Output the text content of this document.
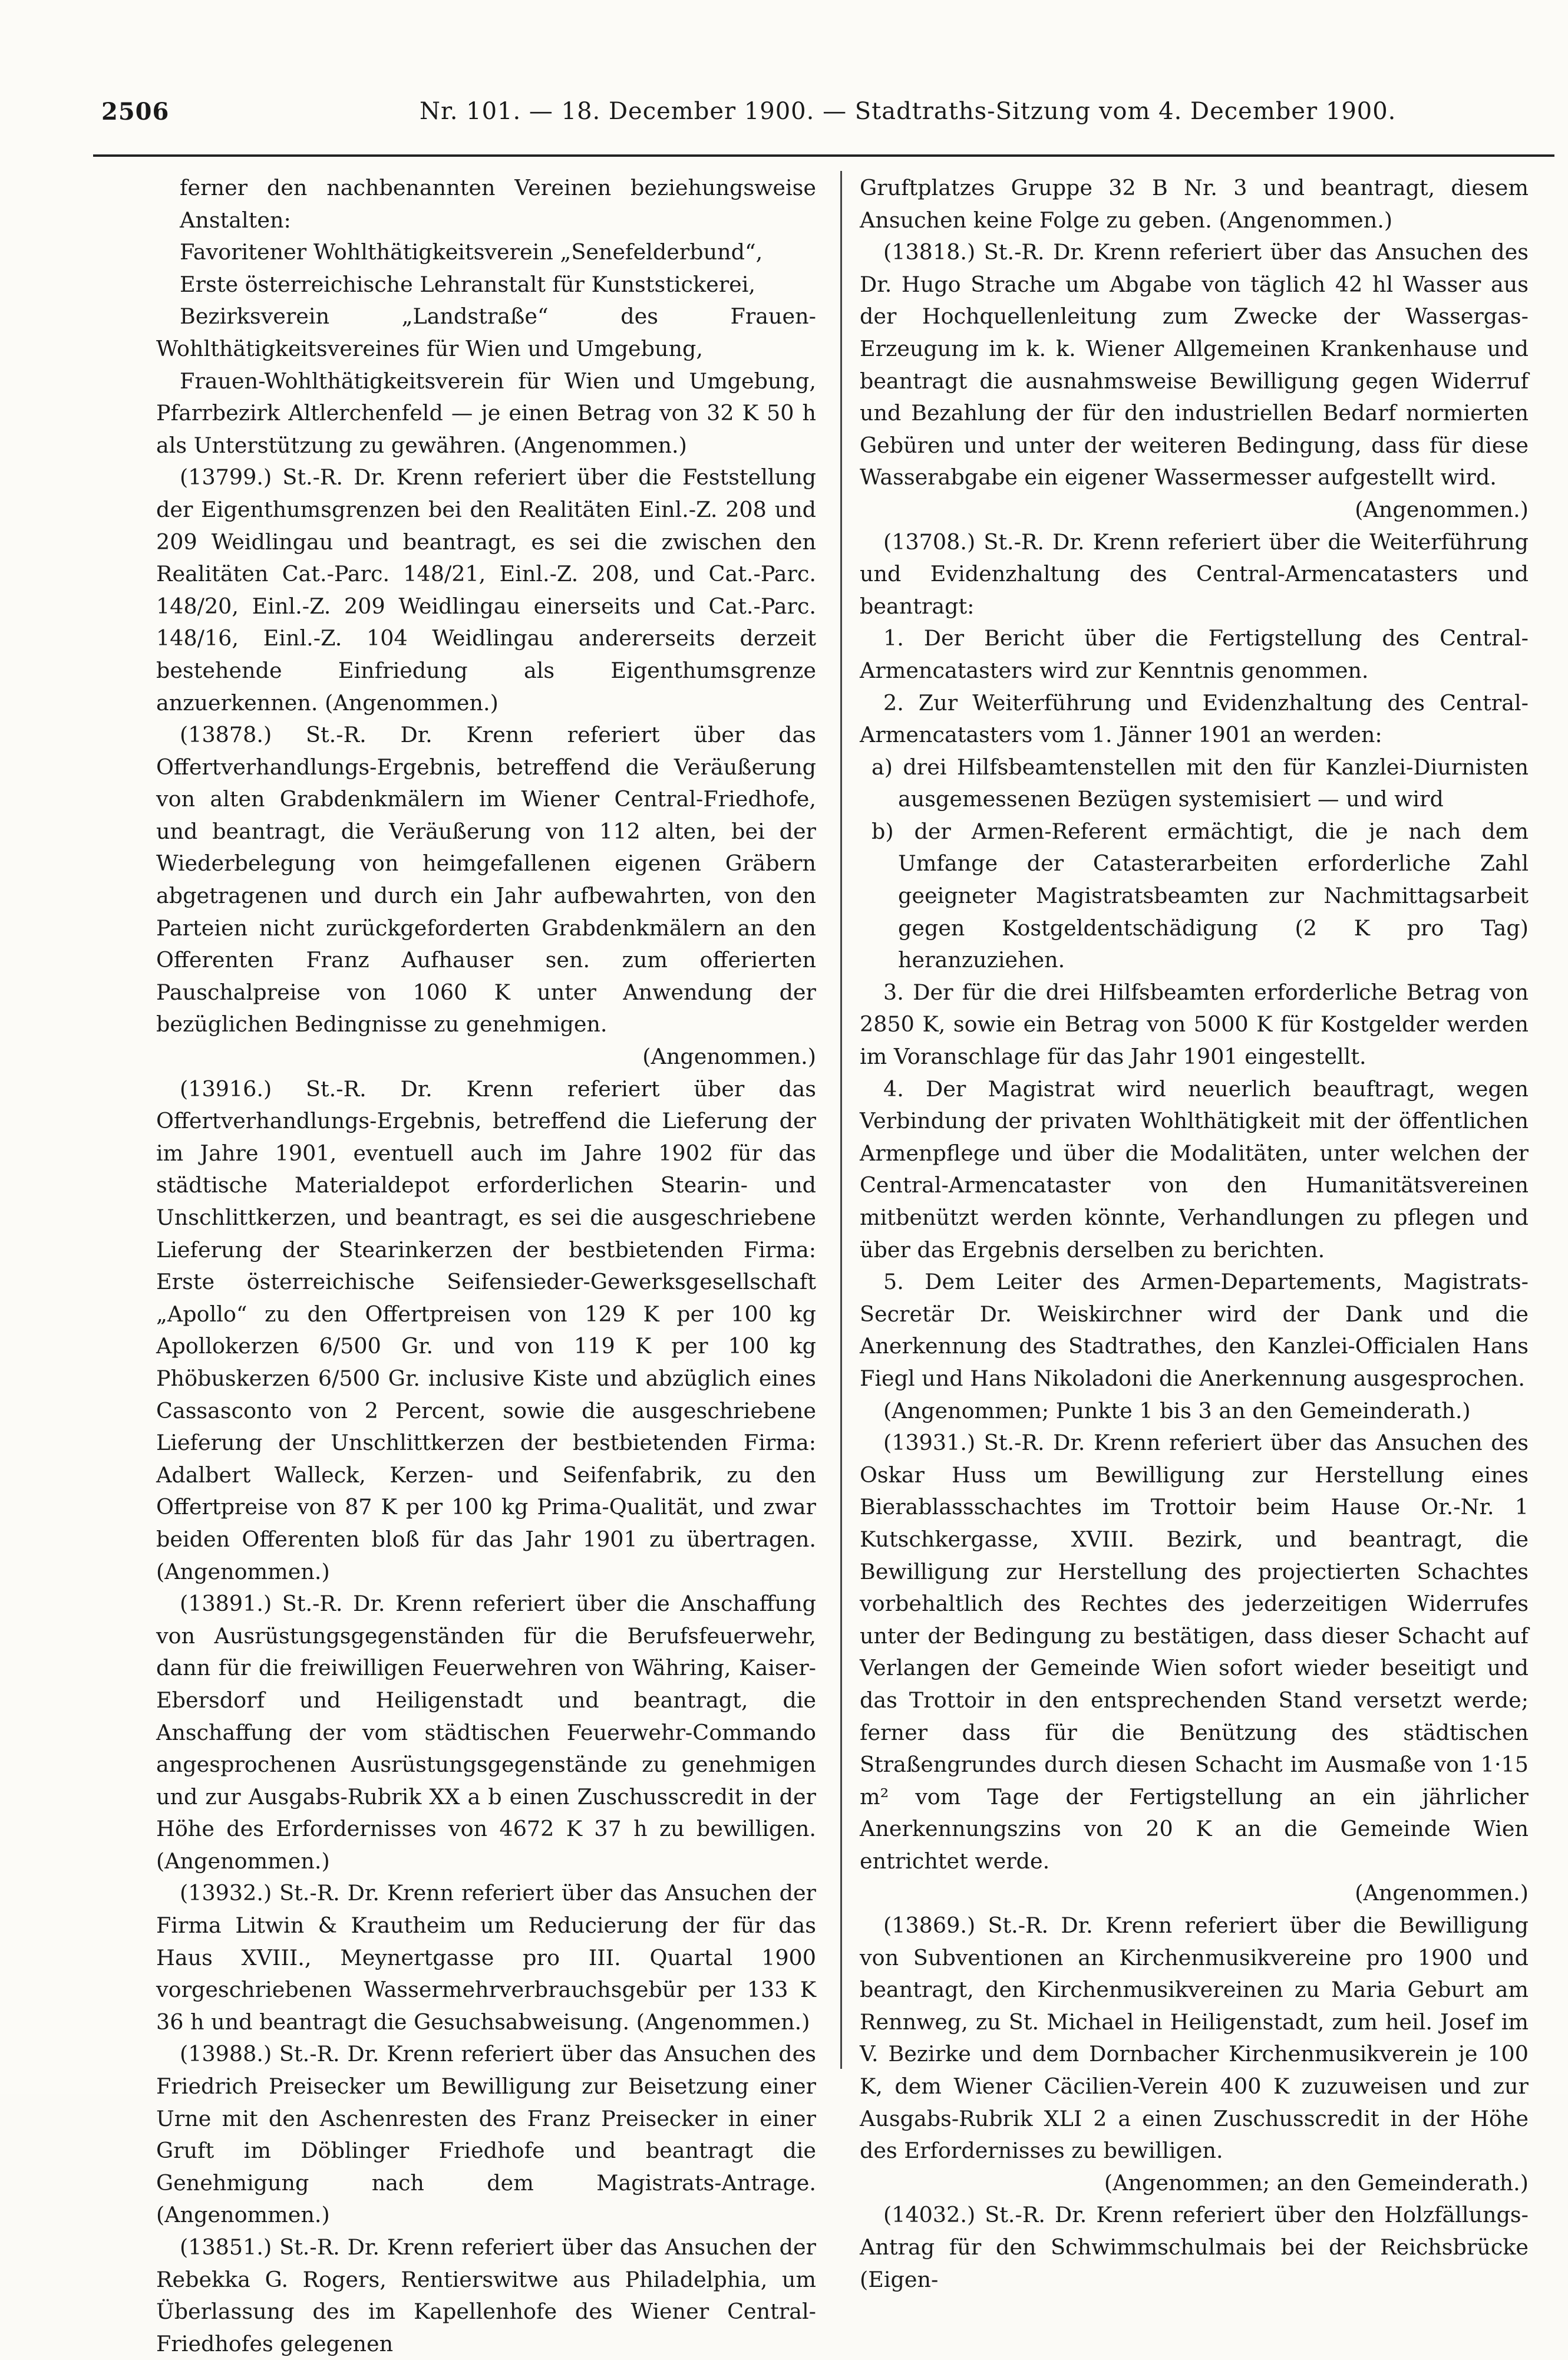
2506	Nr. 101. — 18. December 1900. — Stadtraths-Sitzung vom 4. December 1900.

ferner den nachbenannten Vereinen beziehungsweise Anstalten:

Favoritener Wohlthätigkeitsverein „Senefelderbund“,

Erste österreichische Lehranstalt für Kunststickerei,

Bezirksverein „Landstraße“ des Frauen-Wohlthätigkeitsvereines für Wien und Umgebung,

Frauen-Wohlthätigkeitsverein für Wien und Umgebung, Pfarrbezirk Altlerchenfeld — je einen Betrag von 32 K 50 h als Unterstützung zu gewähren. (Angenommen.)

(13799.) St.-R. Dr. Krenn referiert über die Feststellung der Eigenthumsgrenzen bei den Realitäten Einl.-Z. 208 und 209 Weidlingau und beantragt, es sei die zwischen den Realitäten Cat.-Parc. 148/21, Einl.-Z. 208, und Cat.-Parc. 148/20, Einl.-Z. 209 Weidlingau einerseits und Cat.-Parc. 148/16, Einl.-Z. 104 Weidlingau andererseits derzeit bestehende Einfriedung als Eigenthumsgrenze anzuerkennen. (Angenommen.)

(13878.) St.-R. Dr. Krenn referiert über das Offertverhandlungs-Ergebnis, betreffend die Veräußerung von alten Grabdenkmälern im Wiener Central-Friedhofe, und beantragt, die Veräußerung von 112 alten, bei der Wiederbelegung von heimgefallenen eigenen Gräbern abgetragenen und durch ein Jahr aufbewahrten, von den Parteien nicht zurückgeforderten Grabdenkmälern an den Offerenten Franz Aufhauser sen. zum offerierten Pauschalpreise von 1060 K unter Anwendung der bezüglichen Bedingnisse zu genehmigen.

(Angenommen.)

(13916.) St.-R. Dr. Krenn referiert über das Offertverhandlungs-Ergebnis, betreffend die Lieferung der im Jahre 1901, eventuell auch im Jahre 1902 für das städtische Materialdepot erforderlichen Stearin- und Unschlittkerzen, und beantragt, es sei die ausgeschriebene Lieferung der Stearinkerzen der bestbietenden Firma: Erste österreichische Seifensieder-Gewerksgesellschaft „Apollo“ zu den Offertpreisen von 129 K per 100 kg Apollokerzen 6/500 Gr. und von 119 K per 100 kg Phöbuskerzen 6/500 Gr. inclusive Kiste und abzüglich eines Cassasconto von 2 Percent, sowie die ausgeschriebene Lieferung der Unschlittkerzen der bestbietenden Firma: Adalbert Walleck, Kerzen- und Seifenfabrik, zu den Offertpreise von 87 K per 100 kg Prima-Qualität, und zwar beiden Offerenten bloß für das Jahr 1901 zu übertragen. (Angenommen.)

(13891.) St.-R. Dr. Krenn referiert über die Anschaffung von Ausrüstungsgegenständen für die Berufsfeuerwehr, dann für die freiwilligen Feuerwehren von Währing, Kaiser-Ebersdorf und Heiligenstadt und beantragt, die Anschaffung der vom städtischen Feuerwehr-Commando angesprochenen Ausrüstungsgegenstände zu genehmigen und zur Ausgabs-Rubrik XX a b einen Zuschusscredit in der Höhe des Erfordernisses von 4672 K 37 h zu bewilligen. (Angenommen.)

(13932.) St.-R. Dr. Krenn referiert über das Ansuchen der Firma Litwin & Krautheim um Reducierung der für das Haus XVIII., Meynertgasse pro III. Quartal 1900 vorgeschriebenen Wassermehrverbrauchsgebür per 133 K 36 h und beantragt die Gesuchsabweisung. (Angenommen.)

(13988.) St.-R. Dr. Krenn referiert über das Ansuchen des Friedrich Preisecker um Bewilligung zur Beisetzung einer Urne mit den Aschenresten des Franz Preisecker in einer Gruft im Döblinger Friedhofe und beantragt die Genehmigung nach dem Magistrats-Antrage. (Angenommen.)

(13851.) St.-R. Dr. Krenn referiert über das Ansuchen der Rebekka G. Rogers, Rentierswitwe aus Philadelphia, um Überlassung des im Kapellenhofe des Wiener Central-Friedhofes gelegenen

Gruftplatzes Gruppe 32 B Nr. 3 und beantragt, diesem Ansuchen keine Folge zu geben. (Angenommen.)

(13818.) St.-R. Dr. Krenn referiert über das Ansuchen des Dr. Hugo Strache um Abgabe von täglich 42 hl Wasser aus der Hochquellenleitung zum Zwecke der Wassergas-Erzeugung im k. k. Wiener Allgemeinen Krankenhause und beantragt die ausnahmsweise Bewilligung gegen Widerruf und Bezahlung der für den industriellen Bedarf normierten Gebüren und unter der weiteren Bedingung, dass für diese Wasserabgabe ein eigener Wassermesser aufgestellt wird.

(Angenommen.)

(13708.) St.-R. Dr. Krenn referiert über die Weiterführung und Evidenzhaltung des Central-Armencatasters und beantragt:

1. Der Bericht über die Fertigstellung des Central-Armencatasters wird zur Kenntnis genommen.

2. Zur Weiterführung und Evidenzhaltung des Central-Armencatasters vom 1. Jänner 1901 an werden:

a) drei Hilfsbeamtenstellen mit den für Kanzlei-Diurnisten ausgemessenen Bezügen systemisiert — und wird

b) der Armen-Referent ermächtigt, die je nach dem Umfange der Catasterarbeiten erforderliche Zahl geeigneter Magistratsbeamten zur Nachmittagsarbeit gegen Kostgeldentschädigung (2 K pro Tag) heranzuziehen.

3. Der für die drei Hilfsbeamten erforderliche Betrag von 2850 K, sowie ein Betrag von 5000 K für Kostgelder werden im Voranschlage für das Jahr 1901 eingestellt.

4. Der Magistrat wird neuerlich beauftragt, wegen Verbindung der privaten Wohlthätigkeit mit der öffentlichen Armenpflege und über die Modalitäten, unter welchen der Central-Armencataster von den Humanitätsvereinen mitbenützt werden könnte, Verhandlungen zu pflegen und über das Ergebnis derselben zu berichten.

5. Dem Leiter des Armen-Departements, Magistrats-Secretär Dr. Weiskirchner wird der Dank und die Anerkennung des Stadtrathes, den Kanzlei-Officialen Hans Fiegl und Hans Nikoladoni die Anerkennung ausgesprochen.

(Angenommen; Punkte 1 bis 3 an den Gemeinderath.)

(13931.) St.-R. Dr. Krenn referiert über das Ansuchen des Oskar Huss um Bewilligung zur Herstellung eines Bierablassschachtes im Trottoir beim Hause Or.-Nr. 1 Kutschkergasse, XVIII. Bezirk, und beantragt, die Bewilligung zur Herstellung des projectierten Schachtes vorbehaltlich des Rechtes des jederzeitigen Widerrufes unter der Bedingung zu bestätigen, dass dieser Schacht auf Verlangen der Gemeinde Wien sofort wieder beseitigt und das Trottoir in den entsprechenden Stand versetzt werde; ferner dass für die Benützung des städtischen Straßengrundes durch diesen Schacht im Ausmaße von 1·15 m² vom Tage der Fertigstellung an ein jährlicher Anerkennungszins von 20 K an die Gemeinde Wien entrichtet werde.

(Angenommen.)

(13869.) St.-R. Dr. Krenn referiert über die Bewilligung von Subventionen an Kirchenmusikvereine pro 1900 und beantragt, den Kirchenmusikvereinen zu Maria Geburt am Rennweg, zu St. Michael in Heiligenstadt, zum heil. Josef im V. Bezirke und dem Dornbacher Kirchenmusikverein je 100 K, dem Wiener Cäcilien-Verein 400 K zuzuweisen und zur Ausgabs-Rubrik XLI 2 a einen Zuschusscredit in der Höhe des Erfordernisses zu bewilligen.

(Angenommen; an den Gemeinderath.)

(14032.) St.-R. Dr. Krenn referiert über den Holzfällungs-Antrag für den Schwimmschulmais bei der Reichsbrücke (Eigen-
